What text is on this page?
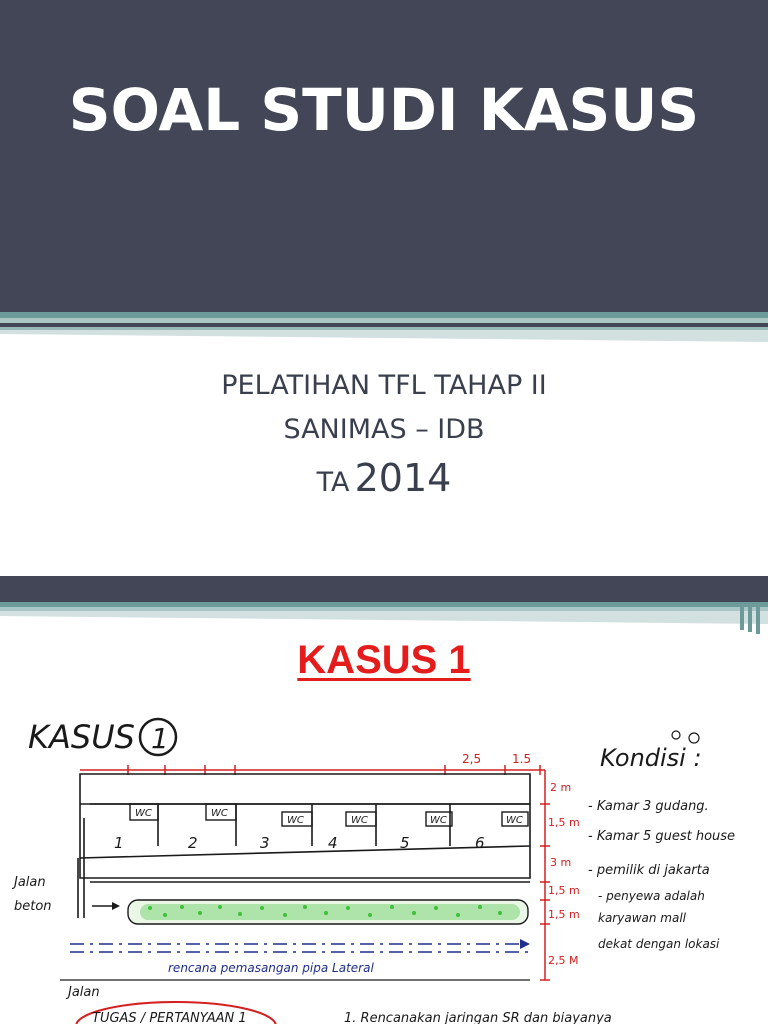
SOAL STUDI KASUS
PELATIHAN TFL TAHAP II
SANIMAS – IDB
TA 2014
KASUS 1
KASUS 1
2,5	1.5
WC	WC
WC	WC	WC	WC
1	2	3	4	5	6
Jalan
beton
rencana pemasangan pipa Lateral
Jalan
2 m
1,5 m
3 m
1,5 m
1,5 m
2,5 M
Kondisi :
- Kamar 3 gudang.
- Kamar 5 guest house
- pemilik di jakarta
- penyewa adalah
karyawan mall
dekat dengan lokasi
TUGAS / PERTANYAAN 1	1. Rencanakan jaringan SR dan biayanya
